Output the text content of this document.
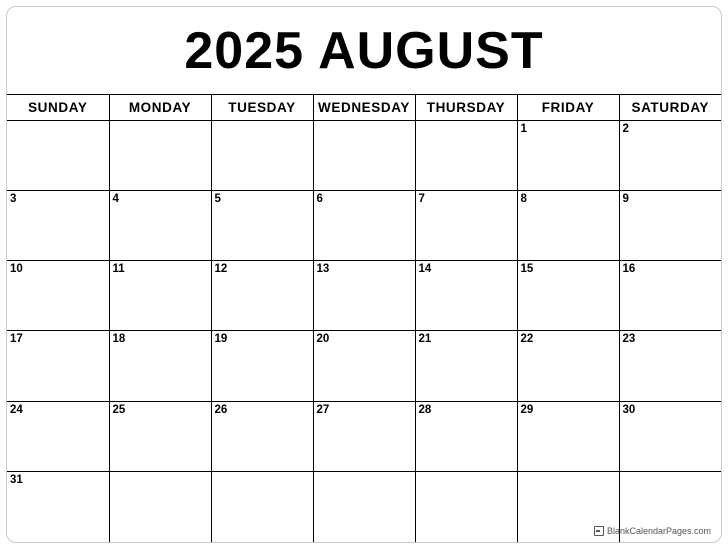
2025 AUGUST
SUNDAY	MONDAY	TUESDAY	WEDNESDAY	THURSDAY	FRIDAY	SATURDAY

					1	2

3	4	5	6	7	8	9

10	11	12	13	14	15	16

17	18	19	20	21	22	23

24	25	26	27	28	29	30

31						

BlankCalendarPages.com
